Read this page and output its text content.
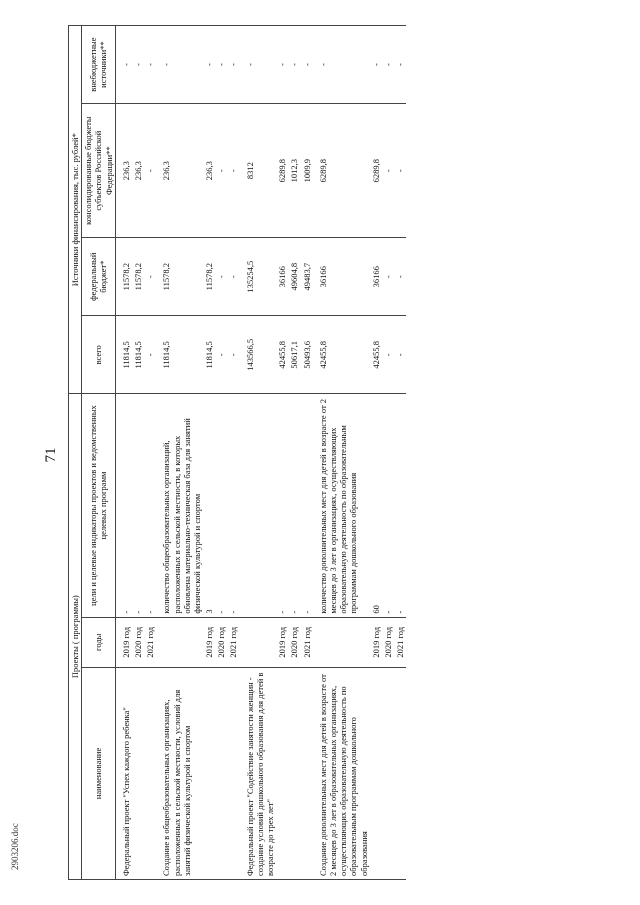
71
Проекты ( программы)			Источники финансирования, тыс. рублей*			
наименование	годы	цели и целевые индикаторы проектов и ведомственных целевых программ	всего	федеральный бюджет*	консолидированные бюджеты субъектов Российской Федерации**	внебюджетные источники**
Федеральный проект "Успех каждого ребенка"	2019 год	-	11814,5	11578,2	236,3	-
	2020 год	-	11814,5	11578,2	236,3	-
	2021 год	-	-	-	-	-
Создание в общеобразовательных организациях, расположенных в сельской местности, условий для занятий физической культурой и спортом		количество общеобразовательных организаций, расположенных в сельской местности, в которых обновлена материально-техническая база для занятий физической культурой и спортом	11814,5	11578,2	236,3	-
	2019 год	3	11814,5	11578,2	236,3	-
	2020 год	-	-	-	-	-
	2021 год	-	-	-	-	-
Федеральный проект "Содействие занятости женщин - создание условий дошкольного образования для детей в возрасте до трех лет"			143566,5	135254,5	8312	-
	2019 год	-	42455,8	36166	6289,8	-
	2020 год	-	50617,1	49604,8	1012,3	-
	2021 год	-	50493,6	49483,7	1009,9	-
Создание дополнительных мест для детей в возрасте от 2 месяцев до 3 лет в образовательных организациях, осуществляющих образовательную деятельность по образовательным программам дошкольного образования		количество дополнительных мест для детей в возрасте от 2 месяцев до 3 лет в организациях, осуществляющих образовательную деятельность по образовательным программам дошкольного образования	42455,8	36166	6289,8	-
	2019 год	60	42455,8	36166	6289,8	-
	2020 год	-	-	-	-	-
	2021 год	-	-	-	-	-
2903206.doc
